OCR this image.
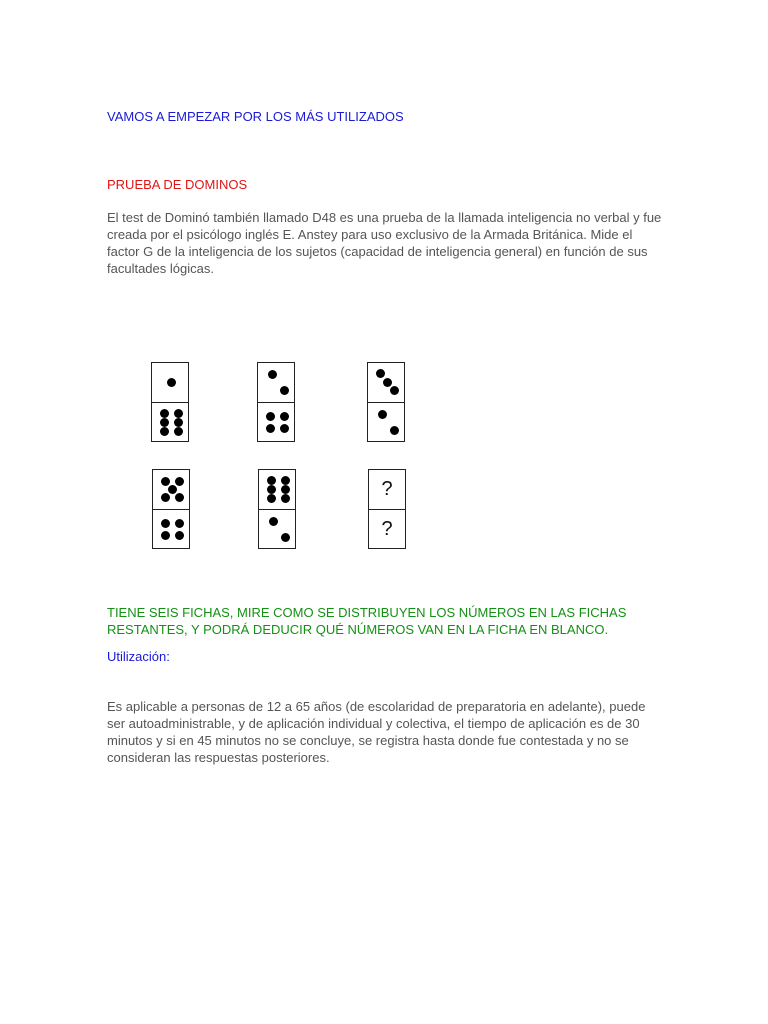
VAMOS A EMPEZAR POR LOS MÁS UTILIZADOS
PRUEBA DE DOMINOS
El test de Dominó también llamado D48 es una prueba de la llamada inteligencia no verbal y fue creada por el psicólogo inglés E. Anstey para uso exclusivo de la Armada Británica. Mide el factor G de la inteligencia de los sujetos (capacidad de inteligencia general) en función de sus facultades lógicas.
?
?
TIENE SEIS FICHAS, MIRE COMO SE DISTRIBUYEN LOS NÚMEROS EN LAS FICHAS RESTANTES, Y PODRÁ DEDUCIR QUÉ NÚMEROS VAN EN LA FICHA EN BLANCO.
Utilización:
Es aplicable a personas de 12 a 65 años (de escolaridad de preparatoria en adelante), puede ser autoadministrable, y de aplicación individual y colectiva, el tiempo de aplicación es de 30 minutos y si en 45 minutos no se concluye, se registra hasta donde fue contestada y no se consideran las respuestas posteriores.
